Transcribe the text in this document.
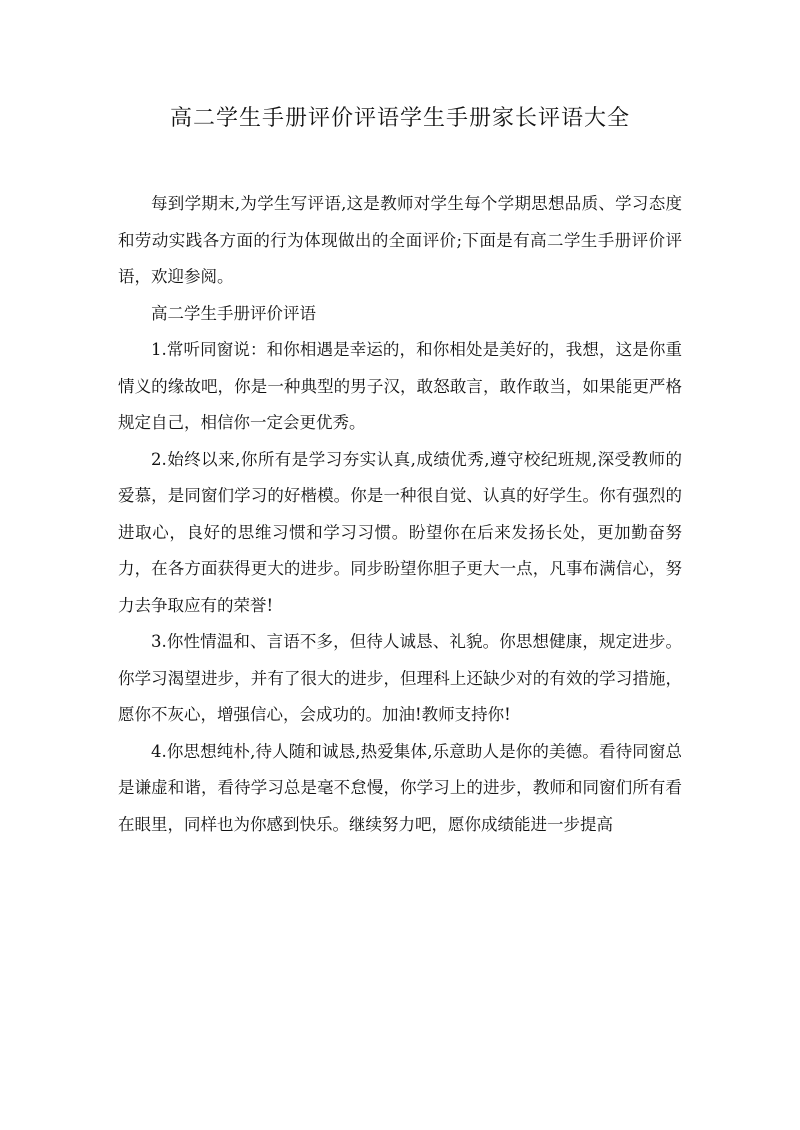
高二学生手册评价评语学生手册家长评语大全

每到学期末,为学生写评语,这是教师对学生每个学期思想品质、学习态度和劳动实践各方面的行为体现做出的全面评价;下面是有高二学生手册评价评语，欢迎参阅。

高二学生手册评价评语

1.常听同窗说：和你相遇是幸运的，和你相处是美好的，我想，这是你重情义的缘故吧，你是一种典型的男子汉，敢怒敢言，敢作敢当，如果能更严格规定自己，相信你一定会更优秀。

2.始终以来,你所有是学习夯实认真,成绩优秀,遵守校纪班规,深受教师的爱慕，是同窗们学习的好楷模。你是一种很自觉、认真的好学生。你有强烈的进取心，良好的思维习惯和学习习惯。盼望你在后来发扬长处，更加勤奋努力，在各方面获得更大的进步。同步盼望你胆子更大一点，凡事布满信心，努力去争取应有的荣誉!

3.你性情温和、言语不多，但待人诚恳、礼貌。你思想健康，规定进步。你学习渴望进步，并有了很大的进步，但理科上还缺少对的有效的学习措施，愿你不灰心，增强信心，会成功的。加油!教师支持你!

4.你思想纯朴,待人随和诚恳,热爱集体,乐意助人是你的美德。看待同窗总是谦虚和谐，看待学习总是毫不怠慢，你学习上的进步，教师和同窗们所有看在眼里，同样也为你感到快乐。继续努力吧，愿你成绩能进一步提高
